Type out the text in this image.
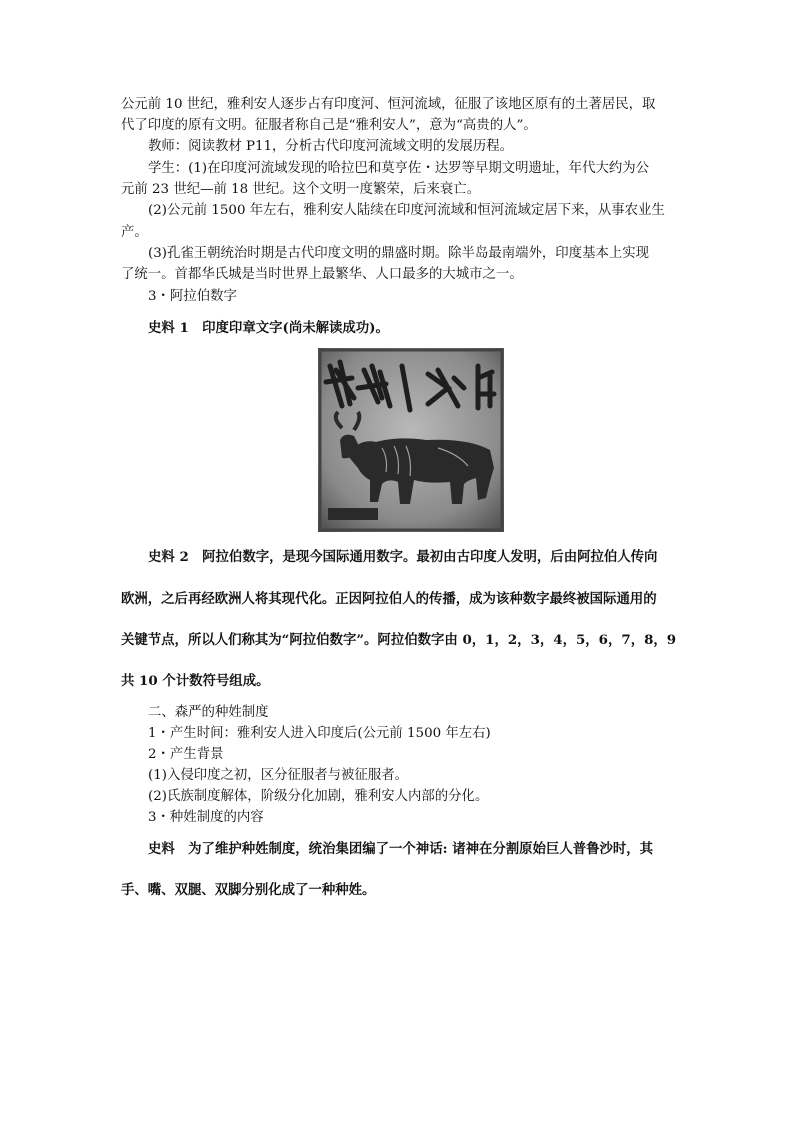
公元前 10 世纪，雅利安人逐步占有印度河、恒河流域，征服了该地区原有的土著居民，取
代了印度的原有文明。征服者称自己是“雅利安人”，意为“高贵的人”。
教师：阅读教材 P11，分析古代印度河流域文明的发展历程。
学生：(1)在印度河流域发现的哈拉巴和莫亨佐・达罗等早期文明遗址，年代大约为公
元前 23 世纪—前 18 世纪。这个文明一度繁荣，后来衰亡。
(2)公元前 1500 年左右，雅利安人陆续在印度河流域和恒河流域定居下来，从事农业生
产。
(3)孔雀王朝统治时期是古代印度文明的鼎盛时期。除半岛最南端外，印度基本上实现
了统一。首都华氏城是当时世界上最繁华、人口最多的大城市之一。
3・阿拉伯数字
史料 1　印度印章文字(尚未解读成功)。
史料 2　阿拉伯数字，是现今国际通用数字。最初由古印度人发明，后由阿拉伯人传向
欧洲，之后再经欧洲人将其现代化。正因阿拉伯人的传播，成为该种数字最终被国际通用的
关键节点，所以人们称其为“阿拉伯数字”。阿拉伯数字由 0，1，2，3，4，5，6，7，8，9
共 10 个计数符号组成。
二、森严的种姓制度
1・产生时间：雅利安人进入印度后(公元前 1500 年左右)
2・产生背景
(1)入侵印度之初，区分征服者与被征服者。
(2)氏族制度解体，阶级分化加剧，雅利安人内部的分化。
3・种姓制度的内容
史料　为了维护种姓制度，统治集团编了一个神话: 诸神在分割原始巨人普鲁沙时，其
手、嘴、双腿、双脚分别化成了一种种姓。
